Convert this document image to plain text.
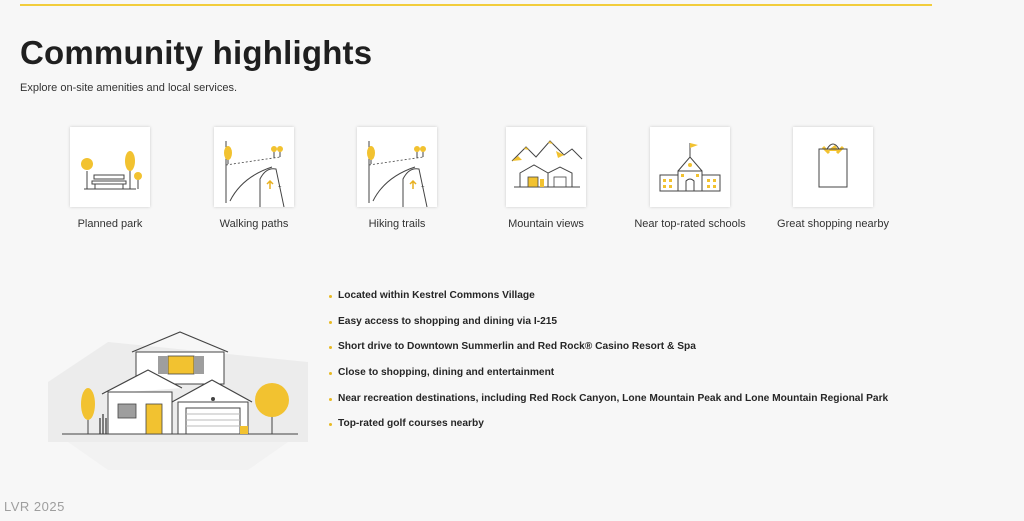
Community highlights
Explore on-site amenities and local services.
Planned park
+
Walking paths
+
Hiking trails	Mountain views	Near top-rated schools	Great shopping nearby
Located within Kestrel Commons Village
Easy access to shopping and dining via I-215
Short drive to Downtown Summerlin and Red Rock® Casino Resort & Spa
Close to shopping, dining and entertainment
Near recreation destinations, including Red Rock Canyon, Lone Mountain Peak and Lone Mountain Regional Park
Top-rated golf courses nearby
LVR 2025
